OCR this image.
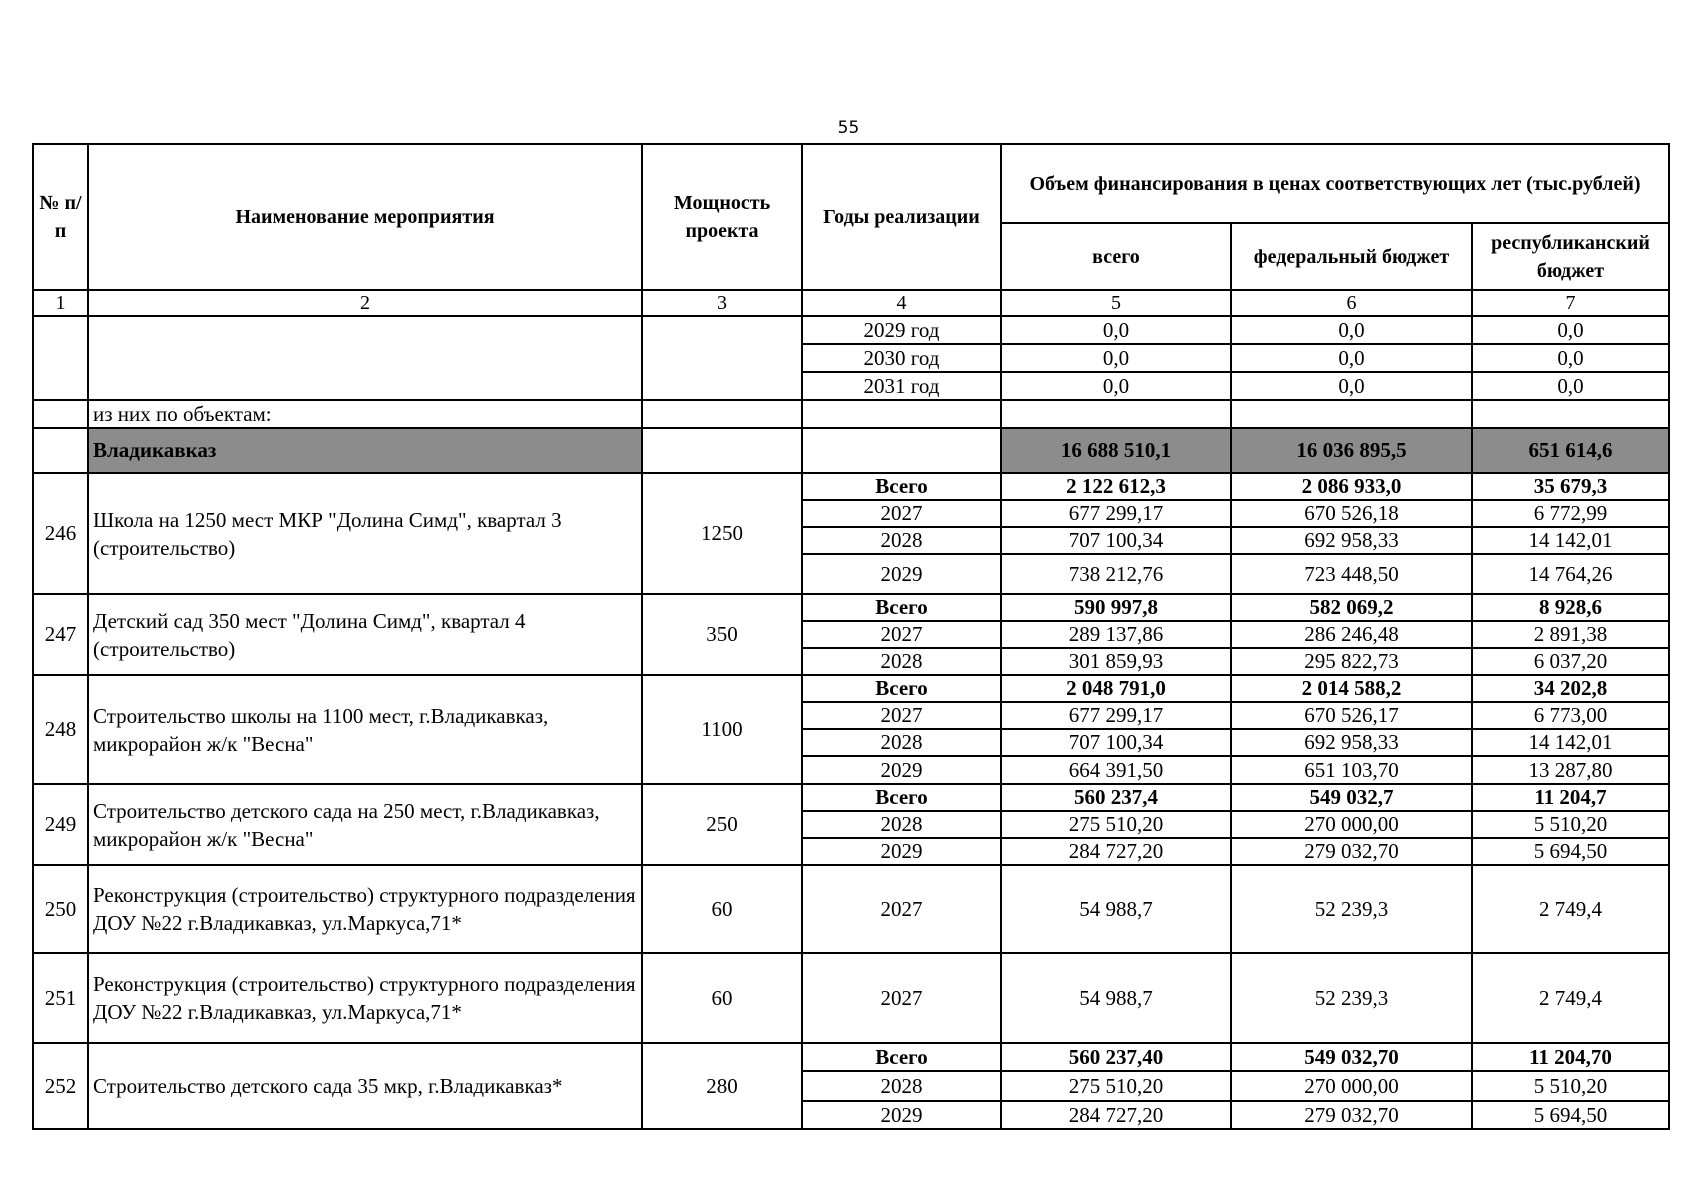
55
№ п/п	Наименование мероприятия	Мощность проекта	Годы реализации	Объем финансирования в ценах соответствующих лет (тыс.рублей)		
				всего	федеральный бюджет	республиканский бюджет
1	2	3	4	5	6	7
			2029 год	0,0	0,0	0,0
			2030 год	0,0	0,0	0,0
			2031 год	0,0	0,0	0,0
	из них по объектам:					
	Владикавказ			16 688 510,1	16 036 895,5	651 614,6
246	Школа на 1250 мест МКР "Долина Симд", квартал 3 (строительство)	1250	Всего	2 122 612,3	2 086 933,0	35 679,3
			2027	677 299,17	670 526,18	6 772,99
			2028	707 100,34	692 958,33	14 142,01
			2029	738 212,76	723 448,50	14 764,26
247	Детский сад 350 мест "Долина Симд", квартал 4 (строительство)	350	Всего	590 997,8	582 069,2	8 928,6
			2027	289 137,86	286 246,48	2 891,38
			2028	301 859,93	295 822,73	6 037,20
248	Строительство школы на 1100 мест, г.Владикавказ, микрорайон ж/к "Весна"	1100	Всего	2 048 791,0	2 014 588,2	34 202,8
			2027	677 299,17	670 526,17	6 773,00
			2028	707 100,34	692 958,33	14 142,01
			2029	664 391,50	651 103,70	13 287,80
249	Строительство детского сада на 250 мест, г.Владикавказ, микрорайон ж/к "Весна"	250	Всего	560 237,4	549 032,7	11 204,7
			2028	275 510,20	270 000,00	5 510,20
			2029	284 727,20	279 032,70	5 694,50
250	Реконструкция (строительство) структурного подразделения ДОУ №22 г.Владикавказ, ул.Маркуса,71*	60	2027	54 988,7	52 239,3	2 749,4
251	Реконструкция (строительство) структурного подразделения ДОУ №22 г.Владикавказ, ул.Маркуса,71*	60	2027	54 988,7	52 239,3	2 749,4
252	Строительство детского сада 35 мкр, г.Владикавказ*	280	Всего	560 237,40	549 032,70	11 204,70
			2028	275 510,20	270 000,00	5 510,20
			2029	284 727,20	279 032,70	5 694,50
